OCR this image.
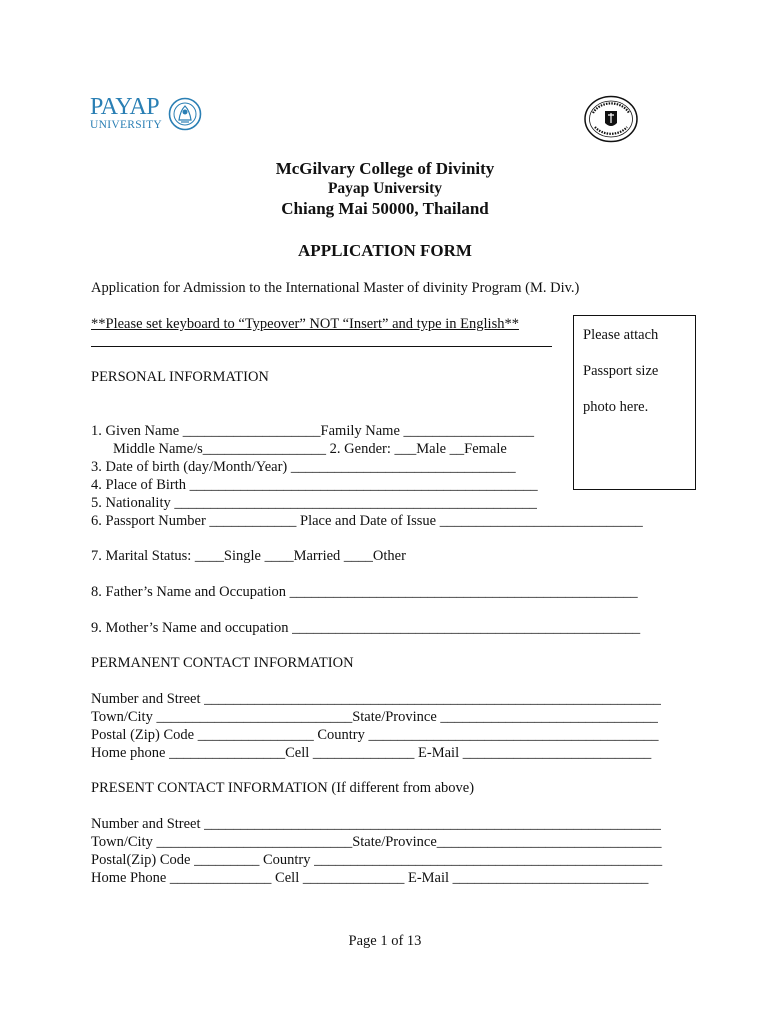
PAYAP
UNIVERSITY
McGilvary College of Divinity
Payap University
Chiang Mai 50000, Thailand
APPLICATION FORM
Application for Admission to the International Master of divinity Program (M. Div.)
**Please set keyboard to “Typeover” NOT “Insert” and type in English**
Please attach
Passport size
photo here.
PERSONAL INFORMATION
1. Given Name ___________________Family Name __________________
Middle Name/s_________________ 2. Gender: ___Male __Female
3. Date of birth (day/Month/Year) _______________________________
4. Place of Birth ________________________________________________
5. Nationality __________________________________________________
6. Passport Number ____________ Place and Date of Issue ____________________________
7. Marital Status: ____Single ____Married ____Other
8. Father’s Name and Occupation ________________________________________________
9. Mother’s Name and occupation ________________________________________________
PERMANENT CONTACT INFORMATION
Number and Street _______________________________________________________________
Town/City ___________________________State/Province ______________________________
Postal (Zip) Code ________________ Country ________________________________________
Home phone ________________Cell ______________ E-Mail __________________________
PRESENT CONTACT INFORMATION (If different from above)
Number and Street _______________________________________________________________
Town/City ___________________________State/Province_______________________________
Postal(Zip) Code _________ Country ________________________________________________
Home Phone ______________ Cell ______________ E-Mail ___________________________
Page 1 of 13
